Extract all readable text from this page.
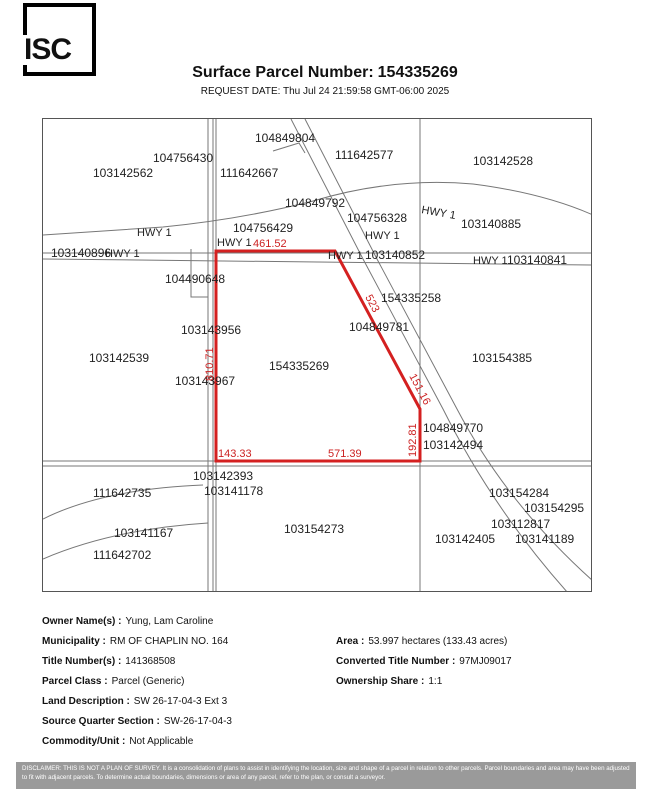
ISC
Surface Parcel Number: 154335269
REQUEST DATE: Thu Jul 24 21:59:58 GMT-06:00 2025
104849804
104756430	111642577	103142528
103142562	111642667
104849792
104756328	103140885
104756429
103140852
103140896	103140841
104490648
154335258
104849781
103143956
103142539
154335269
103154385
103143967
104849770
103142494
103142393
103141178
111642735	103154284
103154295
103154273	103112817
103141167	103142405 103141189
111642702
HWY 1
HWY 1
HWY 1	HWY 1
HWY 1
HWY 1
HWY 1
461.52
523
151.16
810.71
192.81
143.33	571.39
Owner Name(s) : Yung, Lam Caroline
Municipality : RM OF CHAPLIN NO. 164	Area : 53.997 hectares (133.43 acres)
Title Number(s) : 141368508	Converted Title Number : 97MJ09017
Parcel Class : Parcel (Generic)	Ownership Share : 1:1
Land Description : SW 26-17-04-3 Ext 3
Source Quarter Section : SW-26-17-04-3
Commodity/Unit : Not Applicable
DISCLAIMER: THIS IS NOT A PLAN OF SURVEY. It is a consolidation of plans to assist in identifying the location, size and shape of a parcel in relation to other parcels. Parcel boundaries and area may have been adjusted to fit with adjacent parcels. To determine actual boundaries, dimensions or area of any parcel, refer to the plan, or consult a surveyor.
